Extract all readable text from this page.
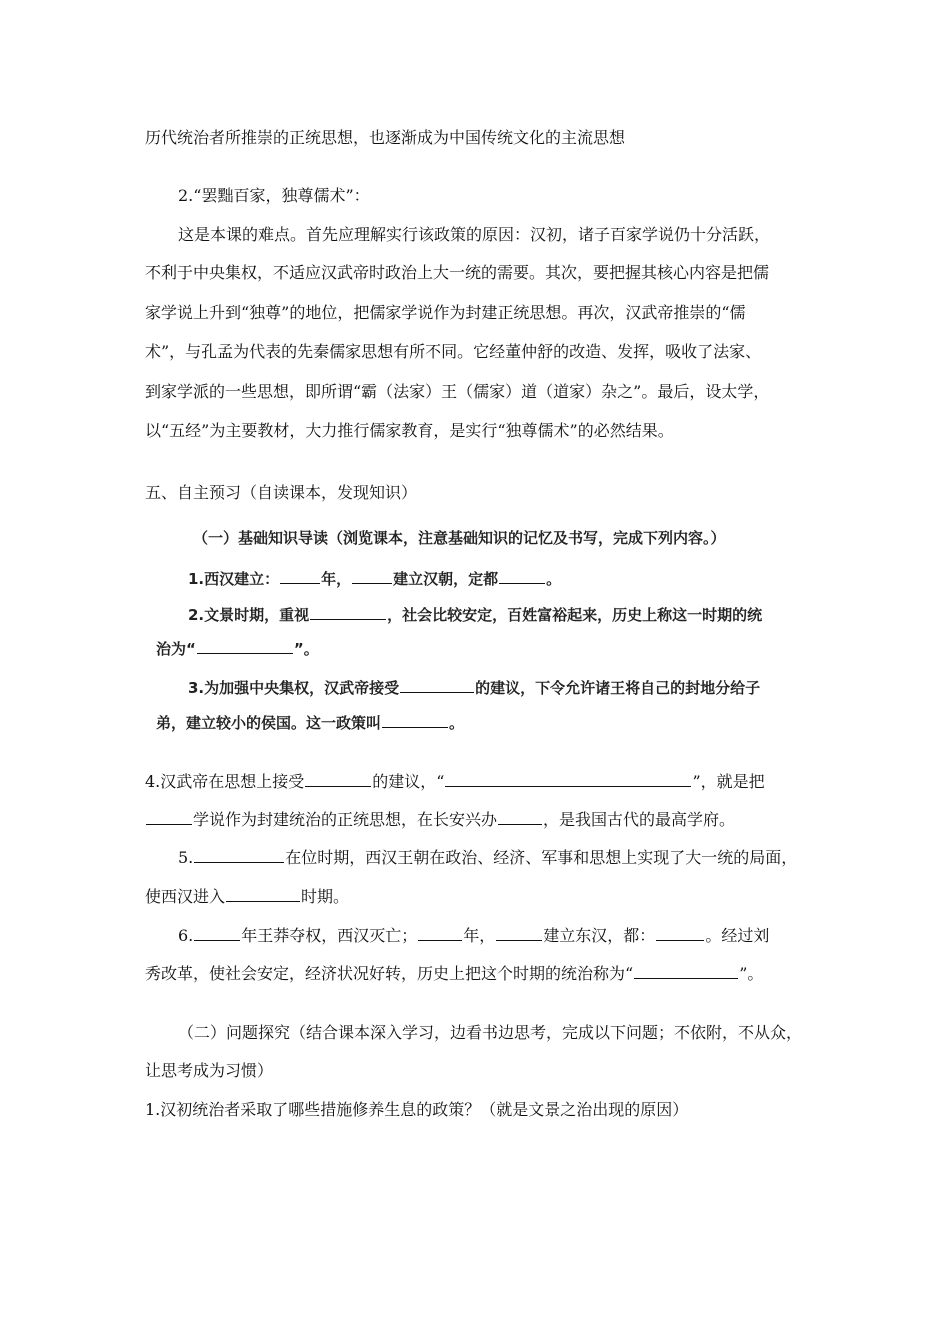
历代统治者所推崇的正统思想，也逐渐成为中国传统文化的主流思想
2.“罢黜百家，独尊儒术”：
这是本课的难点。首先应理解实行该政策的原因：汉初，诸子百家学说仍十分活跃，
不利于中央集权，不适应汉武帝时政治上大一统的需要。其次，要把握其核心内容是把儒
家学说上升到“独尊”的地位，把儒家学说作为封建正统思想。再次，汉武帝推崇的“儒
术”，与孔孟为代表的先秦儒家思想有所不同。它经董仲舒的改造、发挥，吸收了法家、
到家学派的一些思想，即所谓“霸（法家）王（儒家）道（道家）杂之”。最后，设太学，
以“五经”为主要教材，大力推行儒家教育，是实行“独尊儒术”的必然结果。
五、自主预习（自读课本，发现知识）
（一）基础知识导读（浏览课本，注意基础知识的记忆及书写，完成下列内容。）
1.西汉建立：	年，	建立汉朝，定都	。
2.文景时期，重视	，社会比较安定，百姓富裕起来，历史上称这一时期的统
治为“	”。
3.为加强中央集权，汉武帝接受	的建议，下令允许诸王将自己的封地分给子
弟，建立较小的侯国。这一政策叫	。
4.汉武帝在思想上接受	的建议，“	”，就是把
学说作为封建统治的正统思想，在长安兴办	，是我国古代的最高学府。
5.	在位时期，西汉王朝在政治、经济、军事和思想上实现了大一统的局面，
使西汉进入	时期。
6.	年王莽夺权，西汉灭亡；	年，	建立东汉，都：	。经过刘
秀改革，使社会安定，经济状况好转，历史上把这个时期的统治称为“	”。
（二）问题探究（结合课本深入学习，边看书边思考，完成以下问题；不依附，不从众，
让思考成为习惯）
1.汉初统治者采取了哪些措施修养生息的政策？（就是文景之治出现的原因）
